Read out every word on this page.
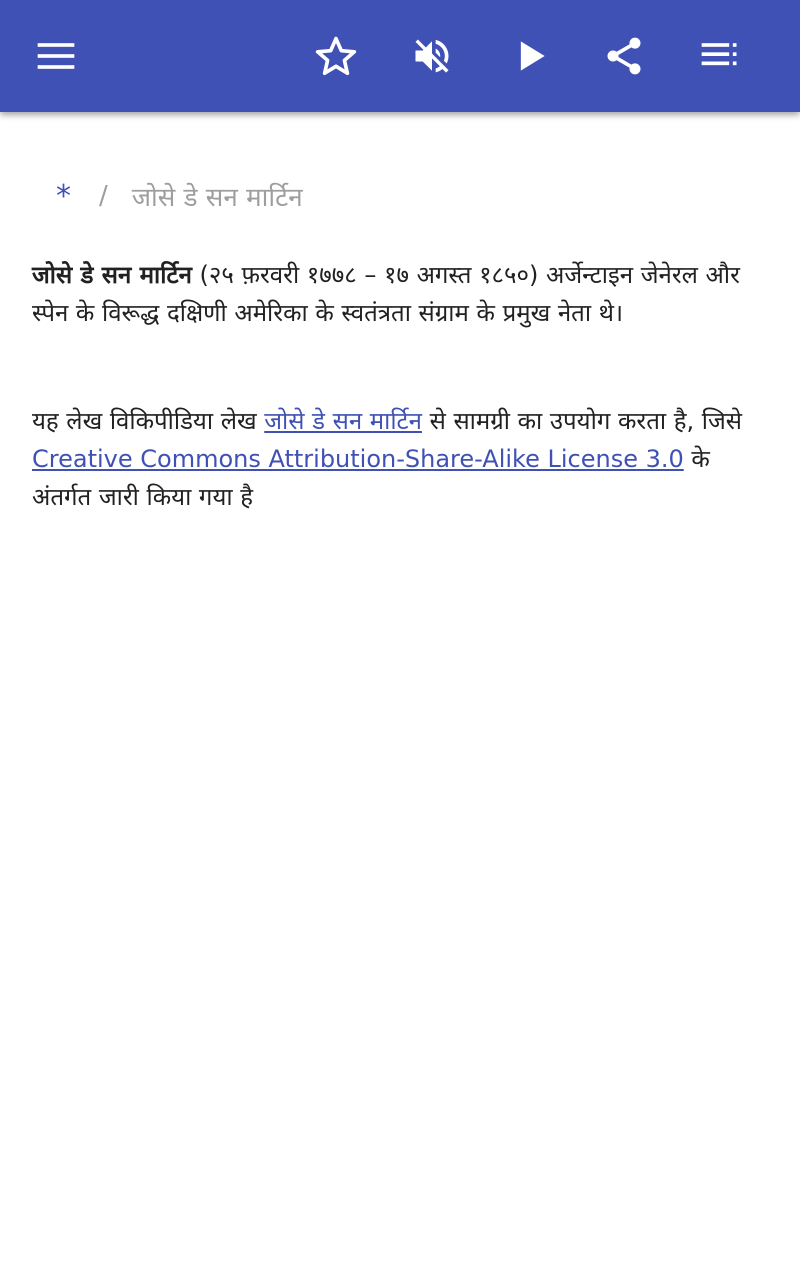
* / जोसे डे सन मार्टिन
जोसे डे सन मार्टिन (२५ फ़रवरी १७७८ – १७ अगस्त १८५०) अर्जेन्टाइन जेनेरल और स्पेन के विरूद्ध दक्षिणी अमेरिका के स्वतंत्रता संग्राम के प्रमुख नेता थे।
यह लेख विकिपीडिया लेख जोसे डे सन मार्टिन से सामग्री का उपयोग करता है, जिसे Creative Commons Attribution-Share-Alike License 3.0 के अंतर्गत जारी किया गया है
